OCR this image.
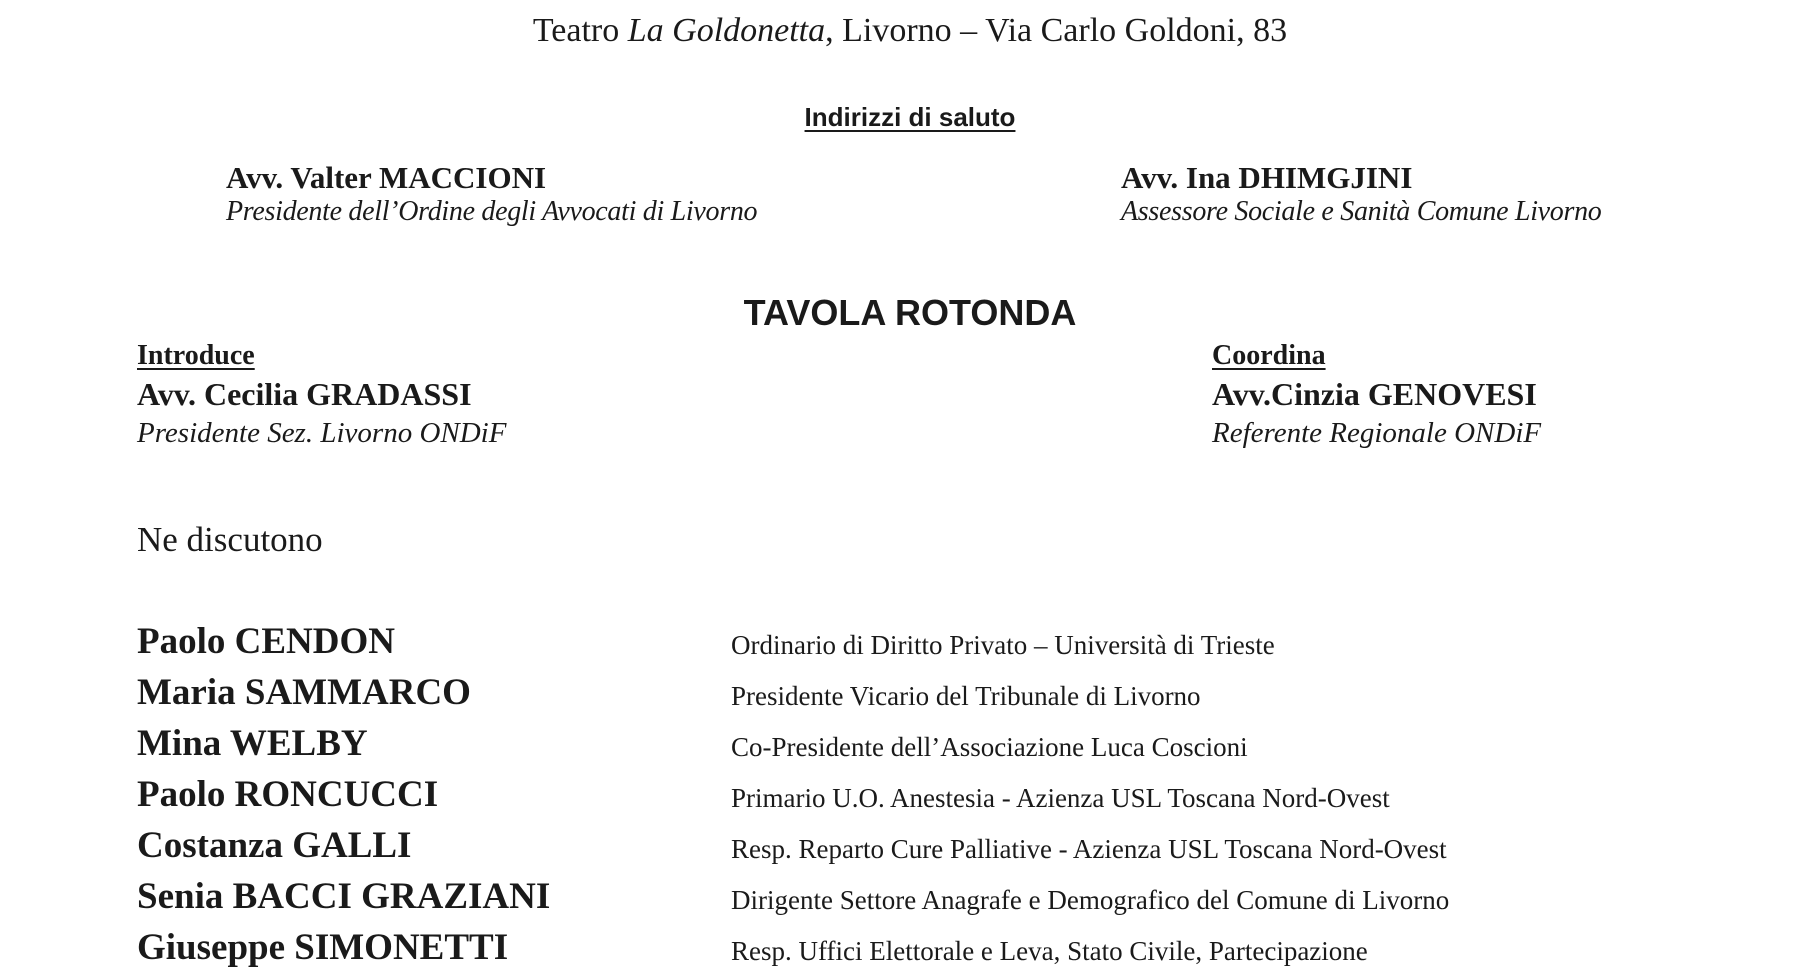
Teatro La Goldonetta, Livorno – Via Carlo Goldoni, 83
Indirizzi di saluto
Avv. Valter MACCIONI
Presidente dell’Ordine degli Avvocati di Livorno
Avv. Ina DHIMGJINI
Assessore Sociale e Sanità Comune Livorno
TAVOLA ROTONDA
Introduce
Avv. Cecilia GRADASSI
Presidente Sez. Livorno ONDiF
Coordina
Avv.Cinzia GENOVESI
Referente Regionale ONDiF
Ne discutono
Paolo CENDON	Ordinario di Diritto Privato – Università di Trieste
Maria SAMMARCO	Presidente Vicario del Tribunale di Livorno
Mina WELBY	Co-Presidente dell’Associazione Luca Coscioni
Paolo RONCUCCI	Primario U.O. Anestesia - Azienza USL Toscana Nord-Ovest
Costanza GALLI	Resp. Reparto Cure Palliative - Azienza USL Toscana Nord-Ovest
Senia BACCI GRAZIANI	Dirigente Settore Anagrafe e Demografico del Comune di Livorno
Giuseppe SIMONETTI	Resp. Uffici Elettorale e Leva, Stato Civile, Partecipazione
